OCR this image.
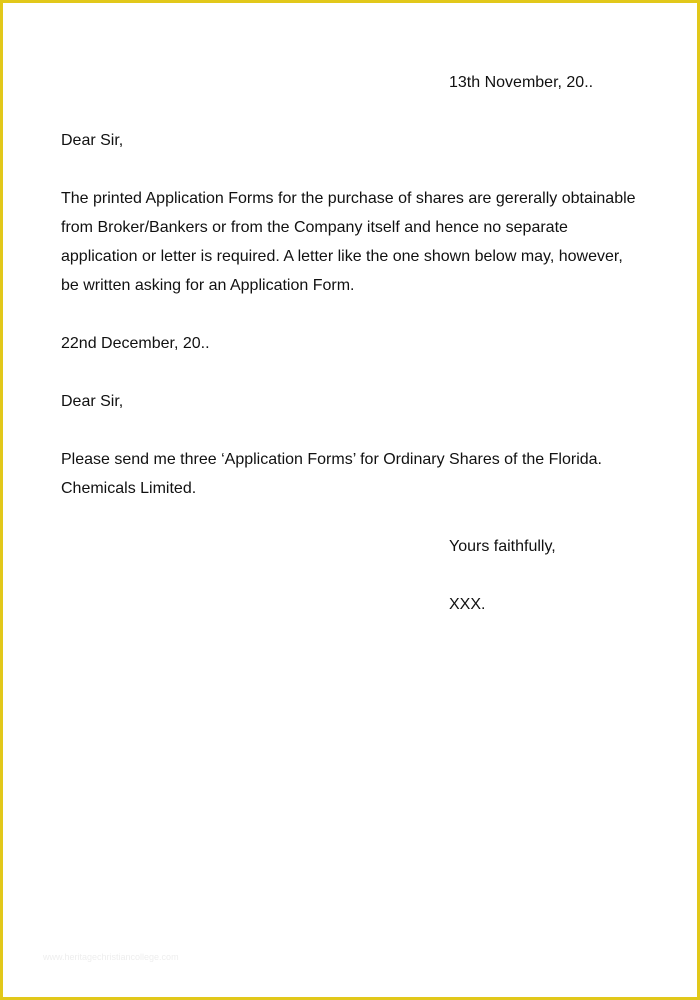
13th November, 20..
Dear Sir,
The printed Application Forms for the purchase of shares are gererally obtainable
from Broker/Bankers or from the Company itself and hence no separate
application or letter is required. A letter like the one shown below may, however,
be written asking for an Application Form.
22nd December, 20..
Dear Sir,
Please send me three ‘Application Forms’ for Ordinary Shares of the Florida.
Chemicals Limited.
Yours faithfully,
XXX.
www.heritagechristiancollege.com
